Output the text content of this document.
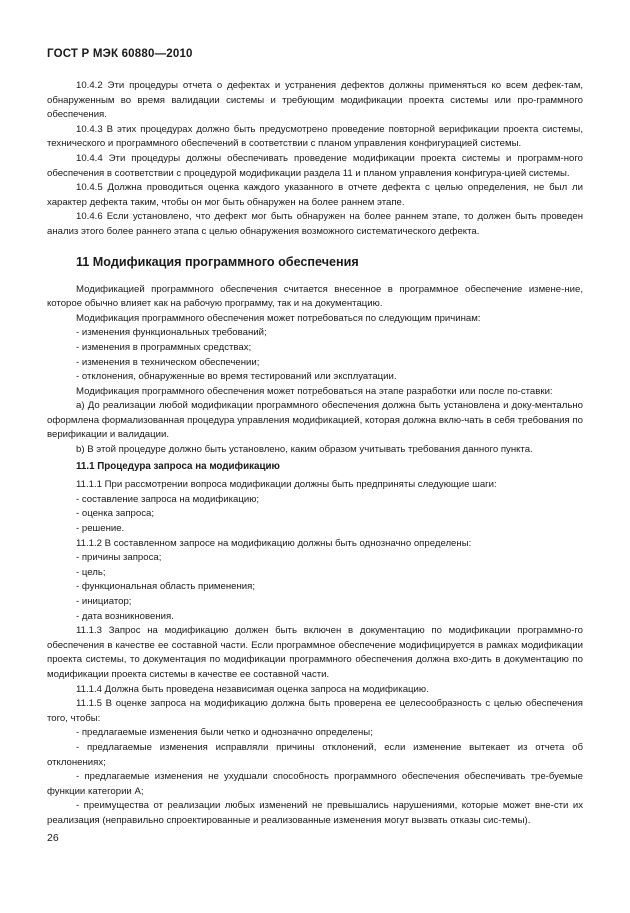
ГОСТ Р МЭК 60880—2010

10.4.2 Эти процедуры отчета о дефектах и устранения дефектов должны применяться ко всем дефек-там, обнаруженным во время валидации системы и требующим модификации проекта системы или про-граммного обеспечения.

10.4.3 В этих процедурах должно быть предусмотрено проведение повторной верификации проекта системы, технического и программного обеспечений в соответствии с планом управления конфигурацией системы.

10.4.4 Эти процедуры должны обеспечивать проведение модификации проекта системы и программ-ного обеспечения в соответствии с процедурой модификации раздела 11 и планом управления конфигура-цией системы.

10.4.5 Должна проводиться оценка каждого указанного в отчете дефекта с целью определения, не был ли характер дефекта таким, чтобы он мог быть обнаружен на более раннем этапе.

10.4.6 Если установлено, что дефект мог быть обнаружен на более раннем этапе, то должен быть проведен анализ этого более раннего этапа с целью обнаружения возможного систематического дефекта.

11 Модификация программного обеспечения

Модификацией программного обеспечения считается внесенное в программное обеспечение измене-ние, которое обычно влияет как на рабочую программу, так и на документацию.

Модификация программного обеспечения может потребоваться по следующим причинам:

- изменения функциональных требований;

- изменения в программных средствах;

- изменения в техническом обеспечении;

- отклонения, обнаруженные во время тестирований или эксплуатации.

Модификация программного обеспечения может потребоваться на этапе разработки или после по-ставки:

a) До реализации любой модификации программного обеспечения должна быть установлена и доку-ментально оформлена формализованная процедура управления модификацией, которая должна вклю-чать в себя требования по верификации и валидации.

b) В этой процедуре должно быть установлено, каким образом учитывать требования данного пункта.

11.1 Процедура запроса на модификацию

11.1.1 При рассмотрении вопроса модификации должны быть предприняты следующие шаги:

- составление запроса на модификацию;

- оценка запроса;

- решение.

11.1.2 В составленном запросе на модификацию должны быть однозначно определены:

- причины запроса;

- цель;

- функциональная область применения;

- инициатор;

- дата возникновения.

11.1.3 Запрос на модификацию должен быть включен в документацию по модификации программно-го обеспечения в качестве ее составной части. Если программное обеспечение модифицируется в рамках модификации проекта системы, то документация по модификации программного обеспечения должна вхо-дить в документацию по модификации проекта системы в качестве ее составной части.

11.1.4 Должна быть проведена независимая оценка запроса на модификацию.

11.1.5 В оценке запроса на модификацию должна быть проверена ее целесообразность с целью обеспечения того, чтобы:

- предлагаемые изменения были четко и однозначно определены;

- предлагаемые изменения исправляли причины отклонений, если изменение вытекает из отчета об отклонениях;

- предлагаемые изменения не ухудшали способность программного обеспечения обеспечивать тре-буемые функции категории А;

- преимущества от реализации любых изменений не превышались нарушениями, которые может вне-сти их реализация (неправильно спроектированные и реализованные изменения могут вызвать отказы сис-темы).

26
